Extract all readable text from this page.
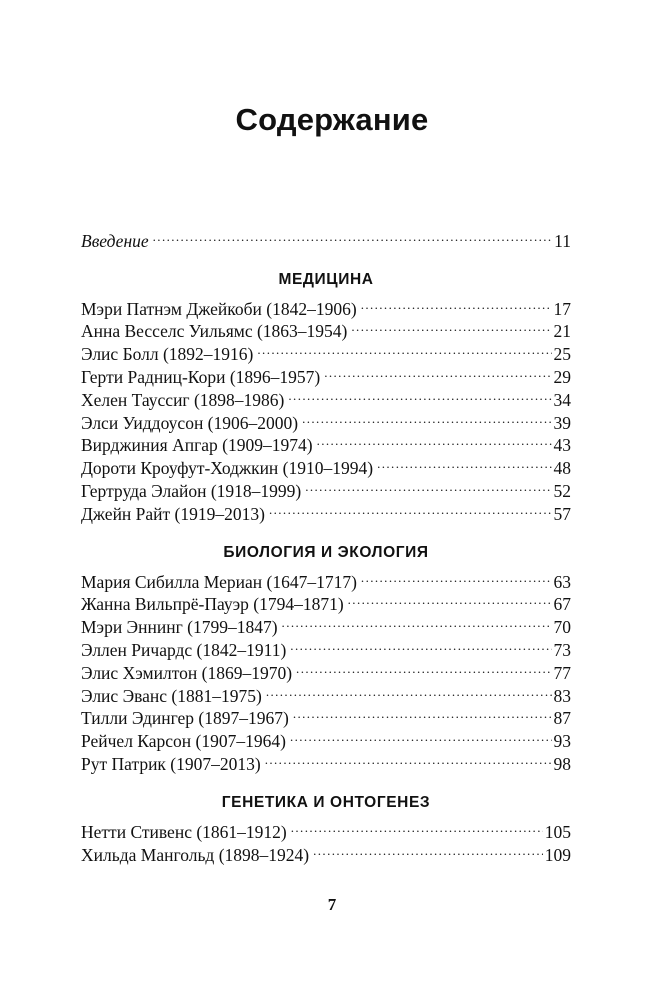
Содержание
Введение .....	11
МЕДИЦИНА
Мэри Патнэм Джейкоби (1842–1906) .....	17
Анна Весселс Уильямс (1863–1954) .....	21
Элис Болл (1892–1916) .....	25
Герти Радниц-Кори (1896–1957) .....	29
Хелен Тауссиг (1898–1986) .....	34
Элси Уиддоусон (1906–2000) .....	39
Вирджиния Апгар (1909–1974) .....	43
Дороти Кроуфут-Ходжкин (1910–1994) .....	48
Гертруда Элайон (1918–1999) .....	52
Джейн Райт (1919–2013) .....	57
БИОЛОГИЯ И ЭКОЛОГИЯ
Мария Сибилла Мериан (1647–1717) .....	63
Жанна Вильпрё-Пауэр (1794–1871) .....	67
Мэри Эннинг (1799–1847) .....	70
Эллен Ричардс (1842–1911) .....	73
Элис Хэмилтон (1869–1970) .....	77
Элис Эванс (1881–1975) .....	83
Тилли Эдингер (1897–1967) .....	87
Рейчел Карсон (1907–1964) .....	93
Рут Патрик (1907–2013) .....	98
ГЕНЕТИКА И ОНТОГЕНЕЗ
Нетти Стивенс (1861–1912) .....	105
Хильда Мангольд (1898–1924) .....	109
7
